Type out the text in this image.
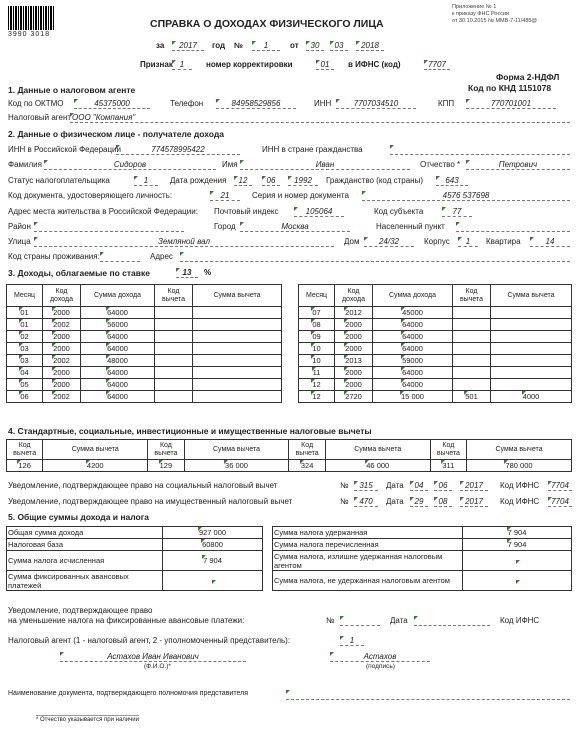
3990 3018
Приложение № 1
к приказу ФНС России
от 30.10.2015 № ММВ-7-11/485@
СПРАВКА О ДОХОДАХ ФИЗИЧЕСКОГО ЛИЦА
за	2017	год №	1	от	30	03	2018
Признак 1	номер корректировки	01	в ИФНС (код)	7707
Форма 2-НДФЛ
Код по КНД 1151078
1. Данные о налоговом агенте
Код по ОКТМО	45375000	Телефон	84958529856	ИНН	7707034510	КПП	770701001
Налоговый агент ООО "Компания"
2. Данные о физическом лице - получателе дохода
ИНН в Российской Федерации	774578995422	ИНН в стране гражданства
Фамилия	Сидоров	Имя	Иван	Отчество *	Петрович
Статус налогоплательщика	1	Дата рождения	12	06	1992	Гражданство (код страны)	643
Код документа, удостоверяющего личность:	21	Серия и номер документа	4576 537698
Адрес места жительства в Российской Федерации: Почтовый индекс	105064	Код субъекта	77
Район	Город	Москва	Населенный пункт
Улица	Земляной вал	Дом	24/32	Корпус	1	Квартира	14
Код страны проживания:	Адрес
3. Доходы, облагаемые по ставке	13	%
Месяц	Код дохода	Сумма дохода	Код вычета	Сумма вычета
01	2000	64000		
01	2002	56000		
02	2000	64000		
03	2000	64000		
03	2002	48000		
04	2000	64000		
05	2000	64000		
06	2002	64000		
Месяц	Код дохода	Сумма дохода	Код вычета	Сумма вычета
07	2012	45000		
08	2000	64000		
09	2000	64000		
10	2000	64000		
10	2013	59000		
11	2000	64000		
12	2000	64000		
12	2720	15 000	501	4000
4. Стандартные, социальные, инвестиционные и имущественные налоговые вычеты
Код вычета	Сумма вычета	Код вычета	Сумма вычета	Код вычета	Сумма вычета	Код вычета	Сумма вычета
126	4200	129	36 000	324	46 000	311	780 000
Уведомление, подтверждающее право на социальный налоговый вычет	№	315	Дата	04	06	2017	Код ИФНС	7704
Уведомление, подтверждающее право на имущественный налоговый вычет	№	470	Дата	29	08	2017	Код ИФНС	7704
5. Общие суммы дохода и налога
Общая сумма дохода	927 000		Сумма налога удержанная	7 904
Налоговая база	60800		Сумма налога перечисленная	7 904
Сумма налога исчисленная	7 904		Сумма налога, излишне удержанная налоговым агентом	
Сумма фиксированных авансовых платежей			Сумма налога, не удержанная налоговым агентом	
Уведомление, подтверждающее право
на уменьшение налога на фиксированные авансовые платежи:	№	Дата	Код ИФНС
Налоговый агент (1 - налоговый агент, 2 - уполномоченный представитель):	1
Астахов Иван Иванович
(Ф.И.О.)*
Астахов
(подпись)
Наименование документа, подтверждающего полномочия представителя
* Отчество указывается при наличии
